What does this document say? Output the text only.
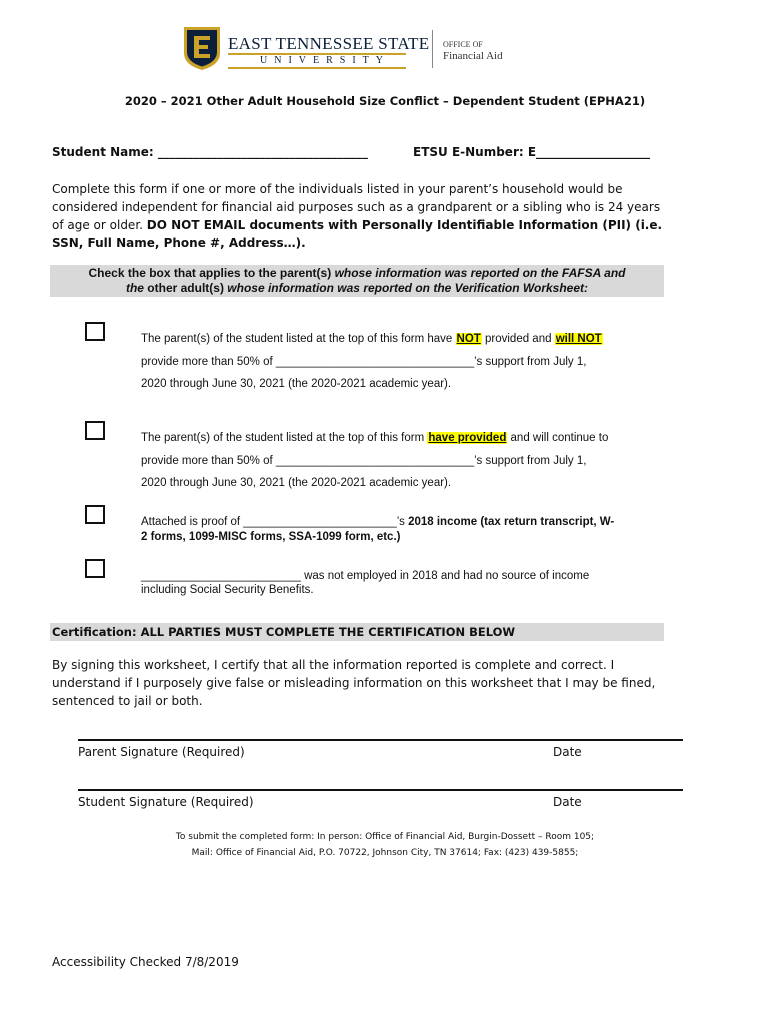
EAST TENNESSEE STATE
UNIVERSITY
OFFICE OF
Financial Aid
2020 – 2021 Other Adult Household Size Conflict – Dependent Student (EPHA21)
Student Name: ___________________________________	ETSU E-Number: E___________________
Complete this form if one or more of the individuals listed in your parent’s household would be considered independent for financial aid purposes such as a grandparent or a sibling who is 24 years of age or older. DO NOT EMAIL documents with Personally Identifiable Information (PII) (i.e. SSN, Full Name, Phone #, Address…).
Check the box that applies to the parent(s) whose information was reported on the FAFSA and
the other adult(s) whose information was reported on the Verification Worksheet:
The parent(s) of the student listed at the top of this form have NOT provided and will NOT
provide more than 50% of _______________________________’s support from July 1,
2020 through June 30, 2021 (the 2020-2021 academic year).
The parent(s) of the student listed at the top of this form have provided and will continue to
provide more than 50% of _______________________________’s support from July 1,
2020 through June 30, 2021 (the 2020-2021 academic year).
Attached is proof of ________________________’s 2018 income (tax return transcript, W-
2 forms, 1099-MISC forms, SSA-1099 form, etc.)
_________________________ was not employed in 2018 and had no source of income
including Social Security Benefits.
Certification: ALL PARTIES MUST COMPLETE THE CERTIFICATION BELOW
By signing this worksheet, I certify that all the information reported is complete and correct. I understand if I purposely give false or misleading information on this worksheet that I may be fined, sentenced to jail or both.
Parent Signature (Required)	Date
Student Signature (Required)	Date
To submit the completed form: In person: Office of Financial Aid, Burgin-Dossett – Room 105;
Mail: Office of Financial Aid, P.O. 70722, Johnson City, TN 37614; Fax: (423) 439-5855;
Accessibility Checked 7/8/2019
